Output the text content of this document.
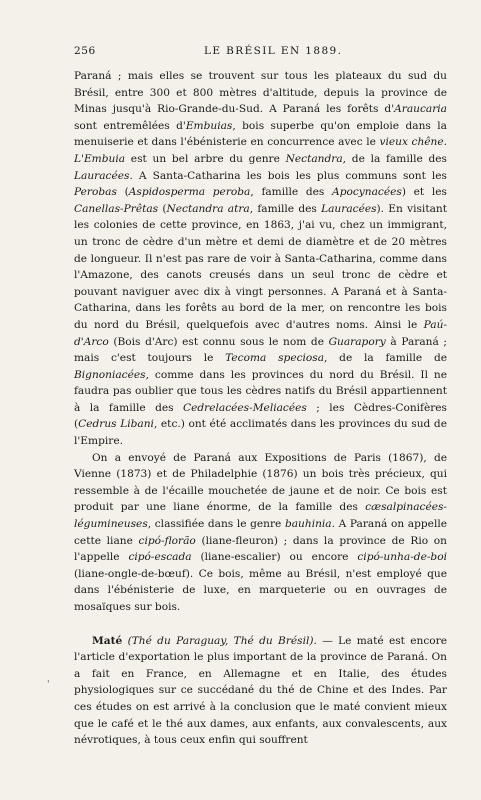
256	LE BRÉSIL EN 1889.

Paraná ; mais elles se trouvent sur tous les plateaux du sud du Brésil, entre 300 et 800 mètres d'altitude, depuis la province de Minas jusqu'à Rio-Grande-du-Sud. A Paraná les forêts d'Araucaria sont entremêlées d'Embuias, bois superbe qu'on emploie dans la menuiserie et dans l'ébénisterie en concurrence avec le vieux chêne. L'Embuia est un bel arbre du genre Nectandra, de la famille des Lauracées. A Santa-Catharina les bois les plus communs sont les Perobas (Aspidosperma peroba, famille des Apocynacées) et les Canellas-Prêtas (Nectandra atra, famille des Lauracées). En visitant les colonies de cette province, en 1863, j'ai vu, chez un immigrant, un tronc de cèdre d'un mètre et demi de diamètre et de 20 mètres de longueur. Il n'est pas rare de voir à Santa-Catharina, comme dans l'Amazone, des canots creusés dans un seul tronc de cèdre et pouvant naviguer avec dix à vingt personnes. A Paraná et à Santa-Catharina, dans les forêts au bord de la mer, on rencontre les bois du nord du Brésil, quelquefois avec d'autres noms. Ainsi le Paú-d'Arco (Bois d'Arc) est connu sous le nom de Guarapory à Paraná ; mais c'est toujours le Tecoma speciosa, de la famille de Bignoniacées, comme dans les provinces du nord du Brésil. Il ne faudra pas oublier que tous les cèdres natifs du Brésil appartiennent à la famille des Cedrelacées-Meliacées ; les Cèdres-Conifères (Cedrus Libani, etc.) ont été acclimatés dans les provinces du sud de l'Empire.

On a envoyé de Paraná aux Expositions de Paris (1867), de Vienne (1873) et de Philadelphie (1876) un bois très précieux, qui ressemble à de l'écaille mouchetée de jaune et de noir. Ce bois est produit par une liane énorme, de la famille des cæsalpinacées-légumineuses, classifiée dans le genre bauhinia. A Paraná on appelle cette liane cipó-florão (liane-fleuron) ; dans la province de Rio on l'appelle cipó-escada (liane-escalier) ou encore cipó-unha-de-boi (liane-ongle-de-bœuf). Ce bois, même au Brésil, n'est employé que dans l'ébénisterie de luxe, en marqueterie ou en ouvrages de mosaïques sur bois.

Maté (Thé du Paraguay, Thé du Brésil). — Le maté est encore l'article d'exportation le plus important de la province de Paraná. On a fait en France, en Allemagne et en Italie, des études physiologiques sur ce succédané du thé de Chine et des Indes. Par ces études on est arrivé à la conclusion que le maté convient mieux que le café et le thé aux dames, aux enfants, aux convalescents, aux névrotiques, à tous ceux enfin qui souffrent

'
